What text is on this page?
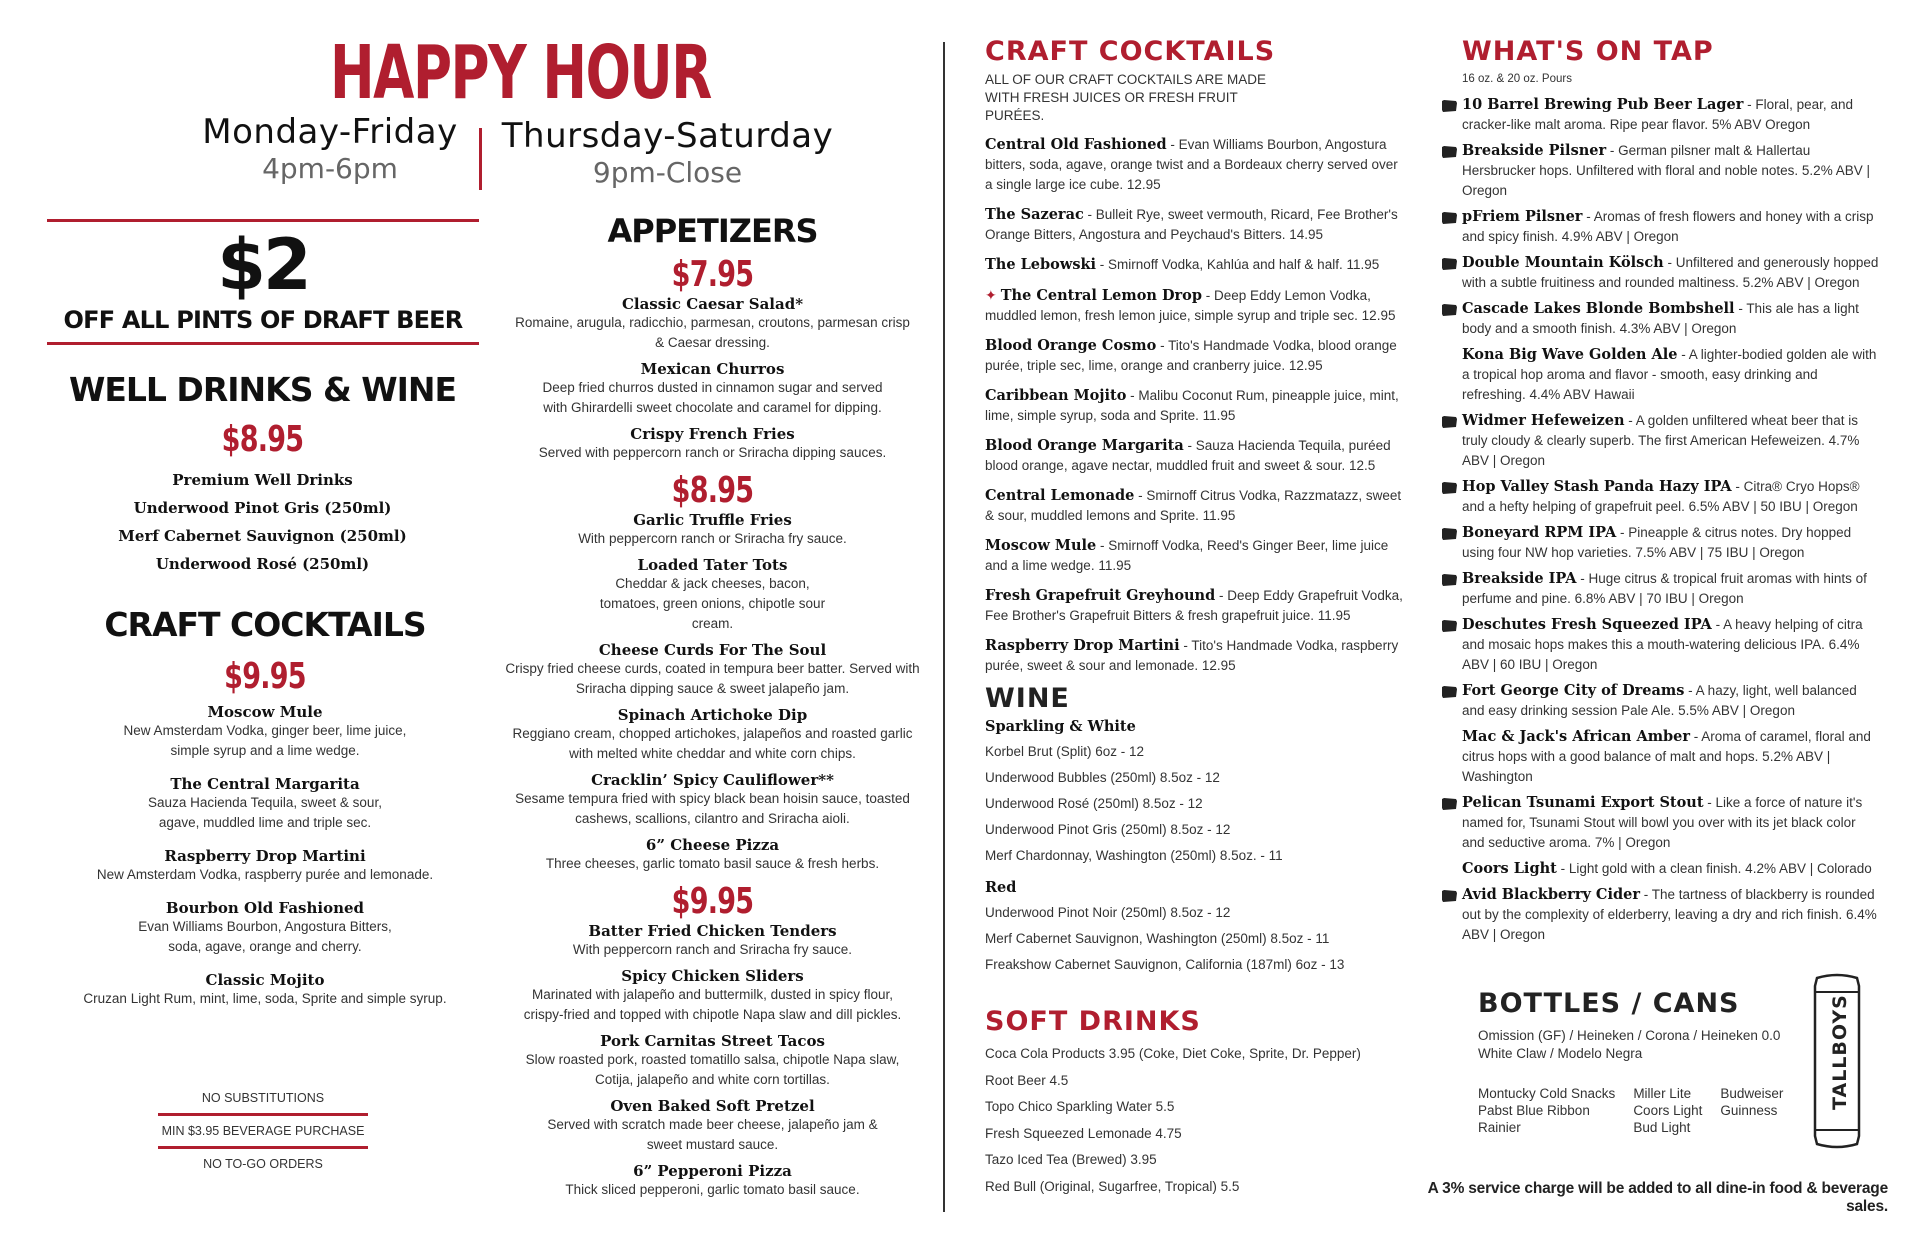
HAPPY HOUR
Monday-Friday
4pm-6pm
Thursday-Saturday
9pm-Close
$2
OFF ALL PINTS OF DRAFT BEER
WELL DRINKS & WINE
$8.95
Premium Well Drinks
Underwood Pinot Gris (250ml)
Merf Cabernet Sauvignon (250ml)
Underwood Rosé (250ml)
CRAFT COCKTAILS
$9.95
Moscow Mule
New Amsterdam Vodka, ginger beer, lime juice, simple syrup and a lime wedge.
The Central Margarita
Sauza Hacienda Tequila, sweet & sour, agave, muddled lime and triple sec.
Raspberry Drop Martini
New Amsterdam Vodka, raspberry purée and lemonade.
Bourbon Old Fashioned
Evan Williams Bourbon, Angostura Bitters, soda, agave, orange and cherry.
Classic Mojito
Cruzan Light Rum, mint, lime, soda, Sprite and simple syrup.
NO SUBSTITUTIONS
MIN $3.95 BEVERAGE PURCHASE
NO TO-GO ORDERS
APPETIZERS
$7.95
Classic Caesar Salad*
Romaine, arugula, radicchio, parmesan, croutons, parmesan crisp & Caesar dressing.
Mexican Churros
Deep fried churros dusted in cinnamon sugar and served with Ghirardelli sweet chocolate and caramel for dipping.
Crispy French Fries
Served with peppercorn ranch or Sriracha dipping sauces.
$8.95
Garlic Truffle Fries
With peppercorn ranch or Sriracha fry sauce.
Loaded Tater Tots
Cheddar & jack cheeses, bacon, tomatoes, green onions, chipotle sour cream.
Cheese Curds For The Soul
Crispy fried cheese curds, coated in tempura beer batter. Served with Sriracha dipping sauce & sweet jalapeño jam.
Spinach Artichoke Dip
Reggiano cream, chopped artichokes, jalapeños and roasted garlic with melted white cheddar and white corn chips.
Cracklin’ Spicy Cauliflower**
Sesame tempura fried with spicy black bean hoisin sauce, toasted cashews, scallions, cilantro and Sriracha aioli.
6” Cheese Pizza
Three cheeses, garlic tomato basil sauce & fresh herbs.
$9.95
Batter Fried Chicken Tenders
With peppercorn ranch and Sriracha fry sauce.
Spicy Chicken Sliders
Marinated with jalapeño and buttermilk, dusted in spicy flour, crispy-fried and topped with chipotle Napa slaw and dill pickles.
Pork Carnitas Street Tacos
Slow roasted pork, roasted tomatillo salsa, chipotle Napa slaw, Cotija, jalapeño and white corn tortillas.
Oven Baked Soft Pretzel
Served with scratch made beer cheese, jalapeño jam & sweet mustard sauce.
6” Pepperoni Pizza
Thick sliced pepperoni, garlic tomato basil sauce.
CRAFT COCKTAILS
ALL OF OUR CRAFT COCKTAILS ARE MADE WITH FRESH JUICES OR FRESH FRUIT PURÉES.
Central Old Fashioned - Evan Williams Bourbon, Angostura bitters, soda, agave, orange twist and a Bordeaux cherry served over a single large ice cube. 12.95
The Sazerac - Bulleit Rye, sweet vermouth, Ricard, Fee Brother's Orange Bitters, Angostura and Peychaud's Bitters. 14.95
The Lebowski - Smirnoff Vodka, Kahlúa and half & half. 11.95
✦ The Central Lemon Drop - Deep Eddy Lemon Vodka, muddled lemon, fresh lemon juice, simple syrup and triple sec. 12.95
Blood Orange Cosmo - Tito's Handmade Vodka, blood orange purée, triple sec, lime, orange and cranberry juice. 12.95
Caribbean Mojito - Malibu Coconut Rum, pineapple juice, mint, lime, simple syrup, soda and Sprite. 11.95
Blood Orange Margarita - Sauza Hacienda Tequila, puréed blood orange, agave nectar, muddled fruit and sweet & sour. 12.5
Central Lemonade - Smirnoff Citrus Vodka, Razzmatazz, sweet & sour, muddled lemons and Sprite. 11.95
Moscow Mule - Smirnoff Vodka, Reed's Ginger Beer, lime juice and a lime wedge. 11.95
Fresh Grapefruit Greyhound - Deep Eddy Grapefruit Vodka, Fee Brother's Grapefruit Bitters & fresh grapefruit juice. 11.95
Raspberry Drop Martini - Tito's Handmade Vodka, raspberry purée, sweet & sour and lemonade. 12.95
WINE
Sparkling & White
Korbel Brut (Split) 6oz - 12
Underwood Bubbles (250ml) 8.5oz - 12
Underwood Rosé (250ml) 8.5oz - 12
Underwood Pinot Gris (250ml) 8.5oz - 12
Merf Chardonnay, Washington (250ml) 8.5oz. - 11
Red
Underwood Pinot Noir (250ml) 8.5oz - 12
Merf Cabernet Sauvignon, Washington (250ml) 8.5oz - 11
Freakshow Cabernet Sauvignon, California (187ml) 6oz - 13
SOFT DRINKS
Coca Cola Products 3.95 (Coke, Diet Coke, Sprite, Dr. Pepper)
Root Beer 4.5
Topo Chico Sparkling Water 5.5
Fresh Squeezed Lemonade 4.75
Tazo Iced Tea (Brewed) 3.95
Red Bull (Original, Sugarfree, Tropical) 5.5
WHAT'S ON TAP
16 oz. & 20 oz. Pours
10 Barrel Brewing Pub Beer Lager - Floral, pear, and cracker-like malt aroma. Ripe pear flavor. 5% ABV Oregon
Breakside Pilsner - German pilsner malt & Hallertau Hersbrucker hops. Unfiltered with floral and noble notes. 5.2% ABV | Oregon
pFriem Pilsner - Aromas of fresh flowers and honey with a crisp and spicy finish. 4.9% ABV | Oregon
Double Mountain Kölsch - Unfiltered and generously hopped with a subtle fruitiness and rounded maltiness. 5.2% ABV | Oregon
Cascade Lakes Blonde Bombshell - This ale has a light body and a smooth finish. 4.3% ABV | Oregon
Kona Big Wave Golden Ale - A lighter-bodied golden ale with a tropical hop aroma and flavor - smooth, easy drinking and refreshing. 4.4% ABV Hawaii
Widmer Hefeweizen - A golden unfiltered wheat beer that is truly cloudy & clearly superb. The first American Hefeweizen. 4.7% ABV | Oregon
Hop Valley Stash Panda Hazy IPA - Citra® Cryo Hops® and a hefty helping of grapefruit peel. 6.5% ABV | 50 IBU | Oregon
Boneyard RPM IPA - Pineapple & citrus notes. Dry hopped using four NW hop varieties. 7.5% ABV | 75 IBU | Oregon
Breakside IPA - Huge citrus & tropical fruit aromas with hints of perfume and pine. 6.8% ABV | 70 IBU | Oregon
Deschutes Fresh Squeezed IPA - A heavy helping of citra and mosaic hops makes this a mouth-watering delicious IPA. 6.4% ABV | 60 IBU | Oregon
Fort George City of Dreams - A hazy, light, well balanced and easy drinking session Pale Ale. 5.5% ABV | Oregon
Mac & Jack's African Amber - Aroma of caramel, floral and citrus hops with a good balance of malt and hops. 5.2% ABV | Washington
Pelican Tsunami Export Stout - Like a force of nature it's named for, Tsunami Stout will bowl you over with its jet black color and seductive aroma. 7% | Oregon
Coors Light - Light gold with a clean finish. 4.2% ABV | Colorado
Avid Blackberry Cider - The tartness of blackberry is rounded out by the complexity of elderberry, leaving a dry and rich finish. 6.4% ABV | Oregon
BOTTLES / CANS
Omission (GF) / Heineken / Corona / Heineken 0.0
White Claw / Modelo Negra
Montucky Cold Snacks
Pabst Blue Ribbon
Rainier
Miller Lite
Coors Light
Bud Light
Budweiser
Guinness
TALLBOYS
A 3% service charge will be added to all dine-in food & beverage sales.
